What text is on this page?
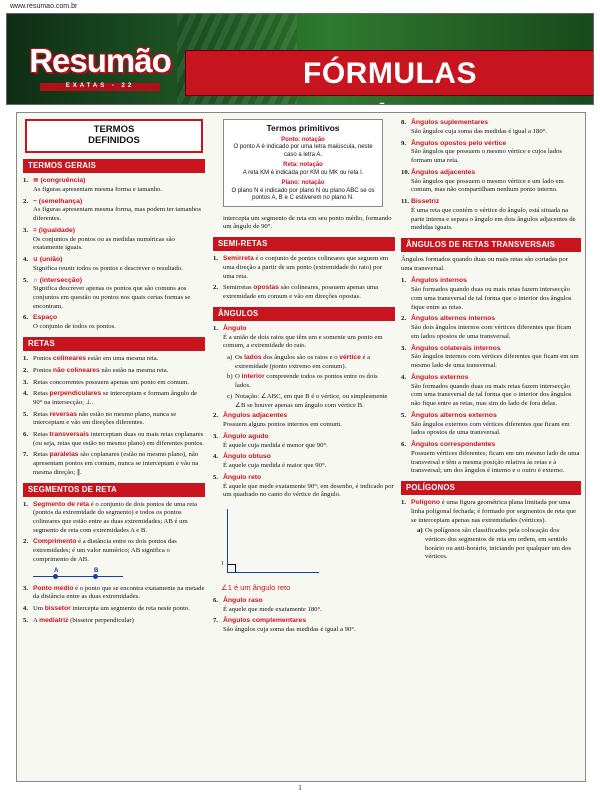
www.resumao.com.br
Resumão
EXATAS - 22	FÓRMULAS
TERMOS
DEFINIDOS
TERMOS GERAIS
1. ≅ (congruência)
As figuras apresentam mesma forma e tamanho.
2. ~ (semelhança)
As figuras apresentam mesma forma, mas podem ter tamanhos diferentes.
3. = (igualdade)
Os conjuntos de pontos ou as medidas numéricas são exatamente iguais.
4. ∪ (união)
Significa reunir todos os pontos e descrever o resultado.
5. ∩ (intersecção)
Significa descrever apenas os pontos que são comuns aos conjuntos em questão ou pontos nos quais certas formas se encontram.
6. Espaço
O conjunto de todos os pontos.
RETAS
1. Pontos colineares estão em uma mesma reta.
2. Pontos não colineares não estão na mesma reta.
3. Retas concorrentes possuem apenas um ponto em comum.
4. Retas perpendiculares se interceptam e formam ângulo de 90° na intersecção; ⊥.
5. Retas reversas não estão no mesmo plano, nunca se interceptam e vão em direções diferentes.
6. Retas transversais interceptam duas ou mais retas coplanares (ou seja, retas que estão no mesmo plano) em diferentes pontos.
7. Retas paralelas são coplanares (estão no mesmo plano), não apresentam pontos em comum, nunca se interceptam e vão na mesma direção; ∥.
SEGMENTOS DE RETA
1. Segmento de reta é o conjunto de dois pontos de uma reta (pontos da extremidade do segmento) e todos os pontos colineares que estão entre as duas extremidades; AB é um segmento de reta com extremidades A e B.
2. Comprimento é a distância entre os dois pontos das extremidades; é um valor numérico; AB significa o comprimento de AB.
A	B
3. Ponto médio é o ponto que se encontra exatamente na metade da distância entre as duas extremidades.
4. Um bissetor intercepta um segmento de reta neste ponto.
5. A mediatriz (bissetor perpendicular)
Termos primitivos
Ponto: notação
O ponto A é indicado por uma letra maiúscula, neste caso a letra A.
Reta: notação
A reta KM é indicada por KM ou MK ou reta l.
Plano: notação
O plano N é indicado por plano N ou plano ABC se os pontos A, B e C estiverem no plano N.
intercepta um segmento de reta em seu ponto médio, formando um ângulo de 90°.
SEMI-RETAS
1. Semirreta é o conjunto de pontos colineares que seguem em uma direção a partir de um ponto (extremidade do raio) por uma reta.
2. Semirretas opostas são colineares, possuem apenas uma extremidade em comum e vão em direções opostas.
ÂNGULOS
1. Ângulo
É a união de dois raios que têm um e somente um ponto em comum, a extremidade do raio.
a) Os lados dos ângulos são os raios e o vértice é a extremidade (ponto extremo em comum).
b) O interior compreende todos os pontos entre os dois lados.
c) Notação: ∠ABC, em que B é o vértice, ou simplesmente ∠B se houver apenas um ângulo com vértice B.
2. Ângulos adjacentes
Possuem alguns pontos internos em comum.
3. Ângulo agudo
É aquele cuja medida é menor que 90°.
4. Ângulo obtuso
É aquele cuja medida é maior que 90°.
5. Ângulo reto
É aquele que mede exatamente 90°; em desenho, é indicado por um quadrado no canto do vértice do ângulo.
1
∠1 é um ângulo reto
6. Ângulo raso
É aquele que mede exatamente 180°.
7. Ângulos complementares
São ângulos cuja soma das medidas é igual a 90°.
8. Ângulos suplementares
São ângulos cuja soma das medidas é igual a 180°.
9. Ângulos opostos pelo vértice
São ângulos que possuem o mesmo vértice e cujos lados formam uma reta.
10. Ângulos adjacentes
São ângulos que possuem o mesmo vértice e um lado em comum, mas não compartilham nenhum ponto interno.
11. Bissetriz
É uma reta que contém o vértice do ângulo, está situada na parte interna e separa o ângulo em dois ângulos adjacentes de medidas iguais.
ÂNGULOS DE RETAS TRANSVERSAIS
Ângulos formados quando duas ou mais retas são cortadas por uma transversal.
1. Ângulos internos
São formados quando duas ou mais retas fazem intersecção com uma transversal de tal forma que o interior dos ângulos fique entre as retas.
2. Ângulos alternos internos
São dois ângulos internos com vértices diferentes que ficam em lados opostos de uma transversal.
3. Ângulos colaterais internos
São ângulos internos com vértices diferentes que ficam em um mesmo lado de uma transversal.
4. Ângulos externos
São formados quando duas ou mais retas fazem intersecção com uma transversal de tal forma que o interior dos ângulos não fique entre as retas, mas sim do lado de fora delas.
5. Ângulos alternos externos
São ângulos externos com vértices diferentes que ficam em lados opostos de uma transversal.
6. Ângulos correspondentes
Possuem vértices diferentes; ficam em um mesmo lado de uma transversal e têm a mesma posição relativa às retas e à transversal; um dos ângulos é interno e o outro é externo.
POLÍGONOS
1. Polígono é uma figura geométrica plana limitada por uma linha poligonal fechada; é formado por segmentos de reta que se interceptam apenas nas extremidades (vértices).
a) Os polígonos são classificados pela colocação dos vértices dos segmentos de reta em ordem, em sentido horário ou anti-horário, iniciando por qualquer um dos vértices.
1
